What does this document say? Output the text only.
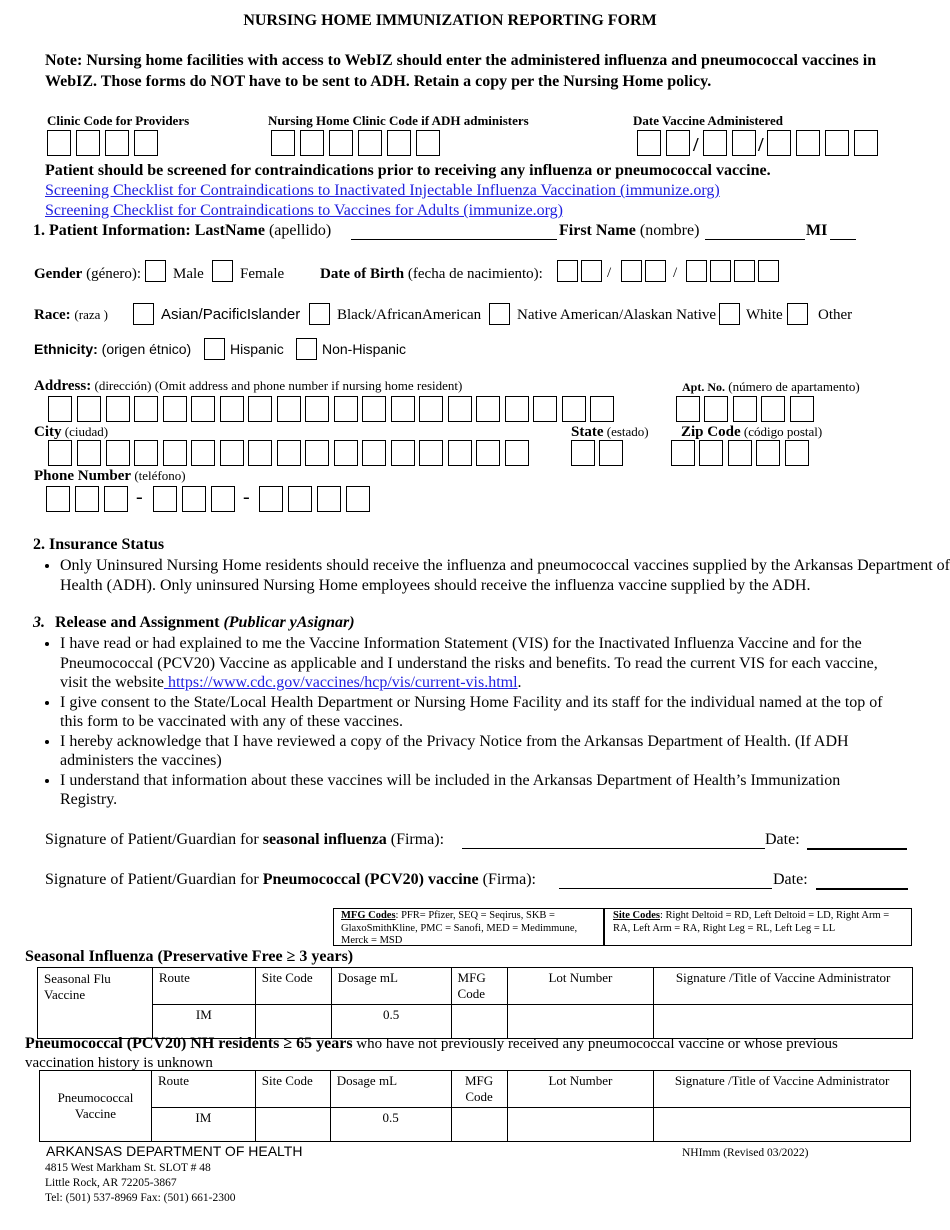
NURSING HOME IMMUNIZATION REPORTING FORM
Note: Nursing home facilities with access to WebIZ should enter the administered influenza and pneumococcal vaccines in WebIZ. Those forms do NOT have to be sent to ADH. Retain a copy per the Nursing Home policy.
Clinic Code for Providers	Nursing Home Clinic Code if ADH administers	Date Vaccine Administered
/	/
Patient should be screened for contraindications prior to receiving any influenza or pneumococcal vaccine.
Screening Checklist for Contraindications to Inactivated Injectable Influenza Vaccination (immunize.org)
Screening Checklist for Contraindications to Vaccines for Adults (immunize.org)
1. Patient Information: LastName (apellido)	First Name (nombre)	MI
Gender (género): Male Female Date of Birth (fecha de nacimiento):	/	/
Race: (raza )	Asian/PacificIslander Black/AfricanAmerican Native American/Alaskan Native White Other
Ethnicity: (origen étnico)	Hispanic	Non-Hispanic
Address: (dirección) (Omit address and phone number if nursing home resident)	Apt. No. (número de apartamento)
City (ciudad)	State (estado) Zip Code (código postal)
Phone Number (teléfono)
-	-
2. Insurance Status
• Only Uninsured Nursing Home residents should receive the influenza and pneumococcal vaccines supplied by the Arkansas Department of Health (ADH). Only uninsured Nursing Home employees should receive the influenza vaccine supplied by the ADH.
3. Release and Assignment (Publicar yAsignar)
• I have read or had explained to me the Vaccine Information Statement (VIS) for the Inactivated Influenza Vaccine and for the Pneumococcal (PCV20) Vaccine as applicable and I understand the risks and benefits. To read the current VIS for each vaccine, visit the website https://www.cdc.gov/vaccines/hcp/vis/current-vis.html.
• I give consent to the State/Local Health Department or Nursing Home Facility and its staff for the individual named at the top of this form to be vaccinated with any of these vaccines.
• I hereby acknowledge that I have reviewed a copy of the Privacy Notice from the Arkansas Department of Health. (If ADH administers the vaccines)
• I understand that information about these vaccines will be included in the Arkansas Department of Health’s Immunization Registry.
Signature of Patient/Guardian for seasonal influenza (Firma):	Date:
Signature of Patient/Guardian for Pneumococcal (PCV20) vaccine (Firma):	Date:
MFG Codes: PFR= Pfizer, SEQ = Seqirus, SKB = GlaxoSmithKline, PMC = Sanofi, MED = Medimmune, Merck = MSD
Site Codes: Right Deltoid = RD, Left Deltoid = LD, Right Arm = RA, Left Arm = RA, Right Leg = RL, Left Leg = LL
Seasonal Influenza (Preservative Free ≥ 3 years)
Seasonal Flu Vaccine	Route	Site Code	Dosage mL	MFG Code	Lot Number	Signature /Title of Vaccine Administrator
	IM		0.5			
Pneumococcal (PCV20) NH residents ≥ 65 years who have not previously received any pneumococcal vaccine or whose previous vaccination history is unknown
Pneumococcal Vaccine	Route	Site Code	Dosage mL	MFG Code	Lot Number	Signature /Title of Vaccine Administrator
	IM		0.5			
ARKANSAS DEPARTMENT OF HEALTH
4815 West Markham St. SLOT # 48
Little Rock, AR 72205-3867
Tel: (501) 537-8969 Fax: (501) 661-2300
NHImm (Revised 03/2022)
